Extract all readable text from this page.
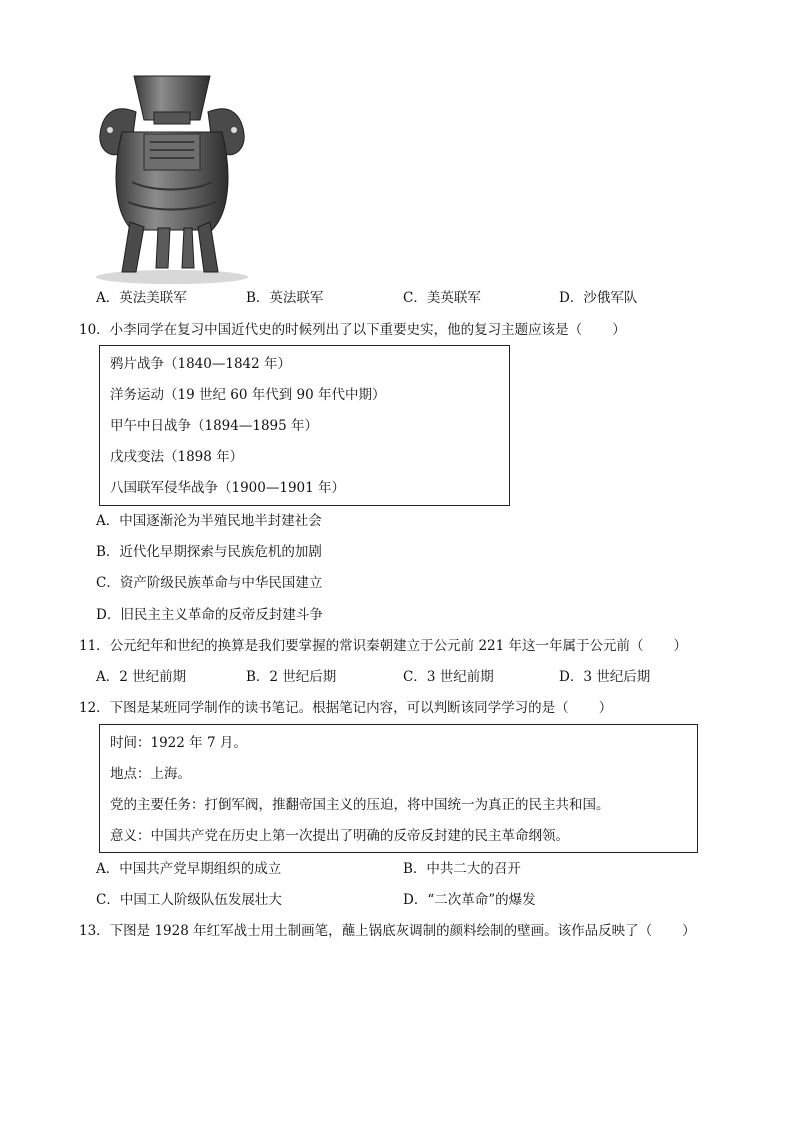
A．英法美联军	B．英法联军	C．美英联军	D．沙俄军队
10．小李同学在复习中国近代史的时候列出了以下重要史实，他的复习主题应该是（ ）
鸦片战争（1840—1842 年）
洋务运动（19 世纪 60 年代到 90 年代中期）
甲午中日战争（1894—1895 年）
戊戌变法（1898 年）
八国联军侵华战争（1900—1901 年）
A．中国逐渐沦为半殖民地半封建社会
B．近代化早期探索与民族危机的加剧
C．资产阶级民族革命与中华民国建立
D．旧民主主义革命的反帝反封建斗争
11．公元纪年和世纪的换算是我们要掌握的常识秦朝建立于公元前 221 年这一年属于公元前（ ）
A．2 世纪前期	B．2 世纪后期	C．3 世纪前期	D．3 世纪后期
12．下图是某班同学制作的读书笔记。根据笔记内容，可以判断该同学学习的是（ ）
时间：1922 年 7 月。
地点：上海。
党的主要任务：打倒军阀，推翻帝国主义的压迫，将中国统一为真正的民主共和国。
意义：中国共产党在历史上第一次提出了明确的反帝反封建的民主革命纲领。
A．中国共产党早期组织的成立	B．中共二大的召开
C．中国工人阶级队伍发展壮大	D．“二次革命”的爆发
13．下图是 1928 年红军战士用土制画笔，蘸上锅底灰调制的颜料绘制的壁画。该作品反映了（ ）
